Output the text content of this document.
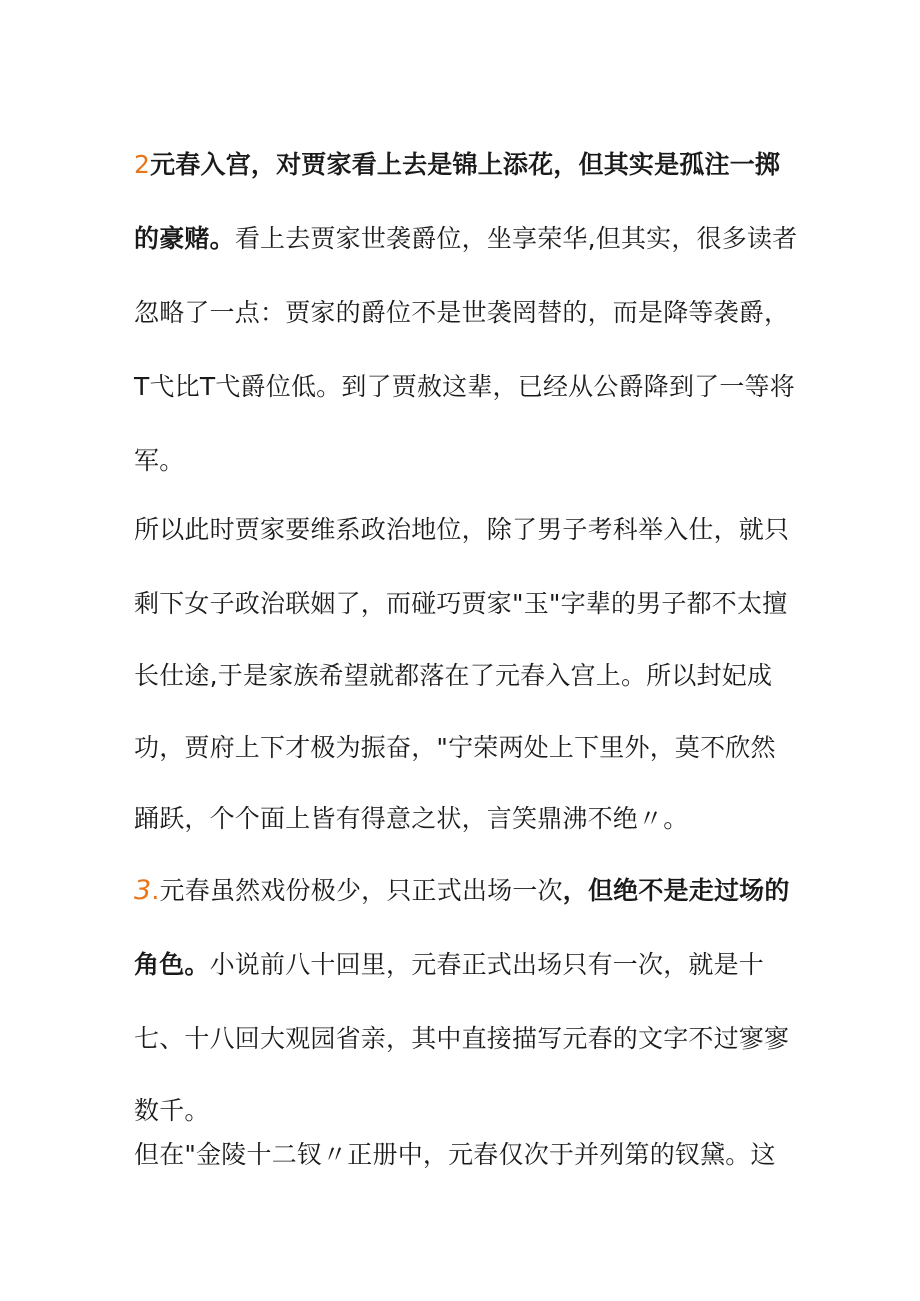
2元春入宫，对贾家看上去是锦上添花，但其实是孤注一掷
的豪赌。看上去贾家世袭爵位，坐享荣华,但其实，很多读者
忽略了一点：贾家的爵位不是世袭罔替的，而是降等袭爵，
T弋比T弋爵位低。到了贾赦这辈，已经从公爵降到了一等将
军。
所以此时贾家要维系政治地位，除了男子考科举入仕，就只
剩下女子政治联姻了，而碰巧贾家"玉"字辈的男子都不太擅
长仕途,于是家族希望就都落在了元春入宫上。所以封妃成
功，贾府上下才极为振奋，"宁荣两处上下里外，莫不欣然
踊跃，个个面上皆有得意之状，言笑鼎沸不绝〃。
3.元春虽然戏份极少，只正式出场一次，但绝不是走过场的
角色。小说前八十回里，元春正式出场只有一次，就是十
七、十八回大观园省亲，其中直接描写元春的文字不过寥寥
数千。
但在"金陵十二钗〃正册中，元春仅次于并列第的钗黛。这
